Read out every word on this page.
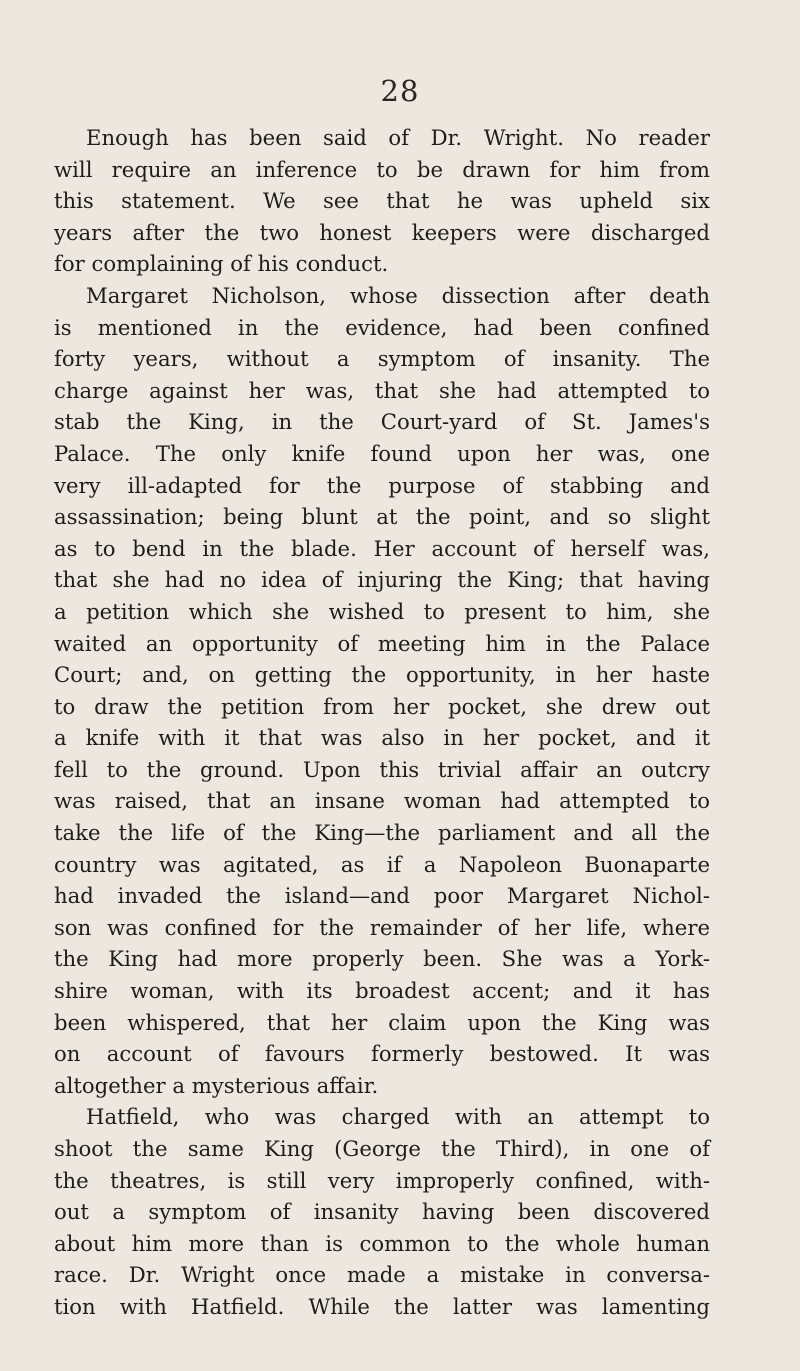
28
Enough has been said of Dr. Wright. No reader
will require an inference to be drawn for him from
this statement. We see that he was upheld six
years after the two honest keepers were discharged
for complaining of his conduct.
Margaret Nicholson, whose dissection after death
is mentioned in the evidence, had been confined
forty years, without a symptom of insanity. The
charge against her was, that she had attempted to
stab the King, in the Court-yard of St. James's
Palace. The only knife found upon her was, one
very ill-adapted for the purpose of stabbing and
assassination; being blunt at the point, and so slight
as to bend in the blade. Her account of herself was,
that she had no idea of injuring the King; that having
a petition which she wished to present to him, she
waited an opportunity of meeting him in the Palace
Court; and, on getting the opportunity, in her haste
to draw the petition from her pocket, she drew out
a knife with it that was also in her pocket, and it
fell to the ground. Upon this trivial affair an outcry
was raised, that an insane woman had attempted to
take the life of the King—the parliament and all the
country was agitated, as if a Napoleon Buonaparte
had invaded the island—and poor Margaret Nichol-
son was confined for the remainder of her life, where
the King had more properly been. She was a York-
shire woman, with its broadest accent; and it has
been whispered, that her claim upon the King was
on account of favours formerly bestowed. It was
altogether a mysterious affair.
Hatfield, who was charged with an attempt to
shoot the same King (George the Third), in one of
the theatres, is still very improperly confined, with-
out a symptom of insanity having been discovered
about him more than is common to the whole human
race. Dr. Wright once made a mistake in conversa-
tion with Hatfield. While the latter was lamenting
